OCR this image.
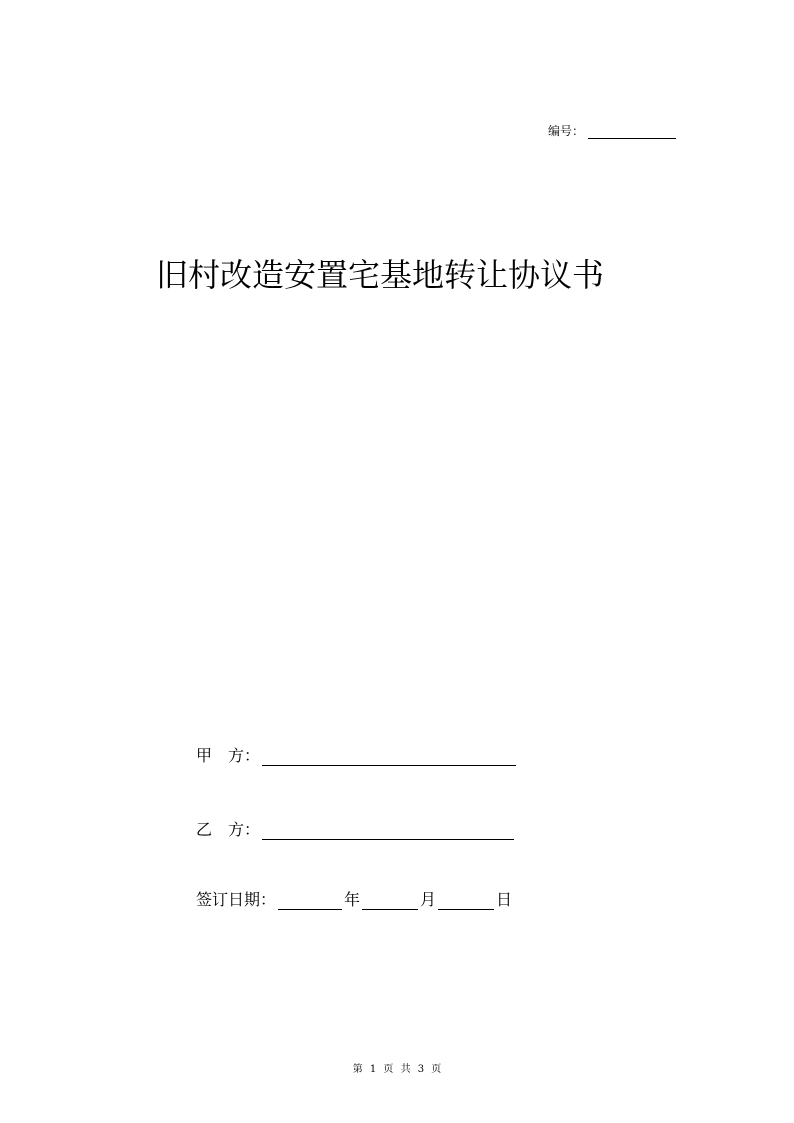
编号：
旧村改造安置宅基地转让协议书
甲　方：
乙　方：
签订日期：	年	月	日
第 1 页 共 3 页
